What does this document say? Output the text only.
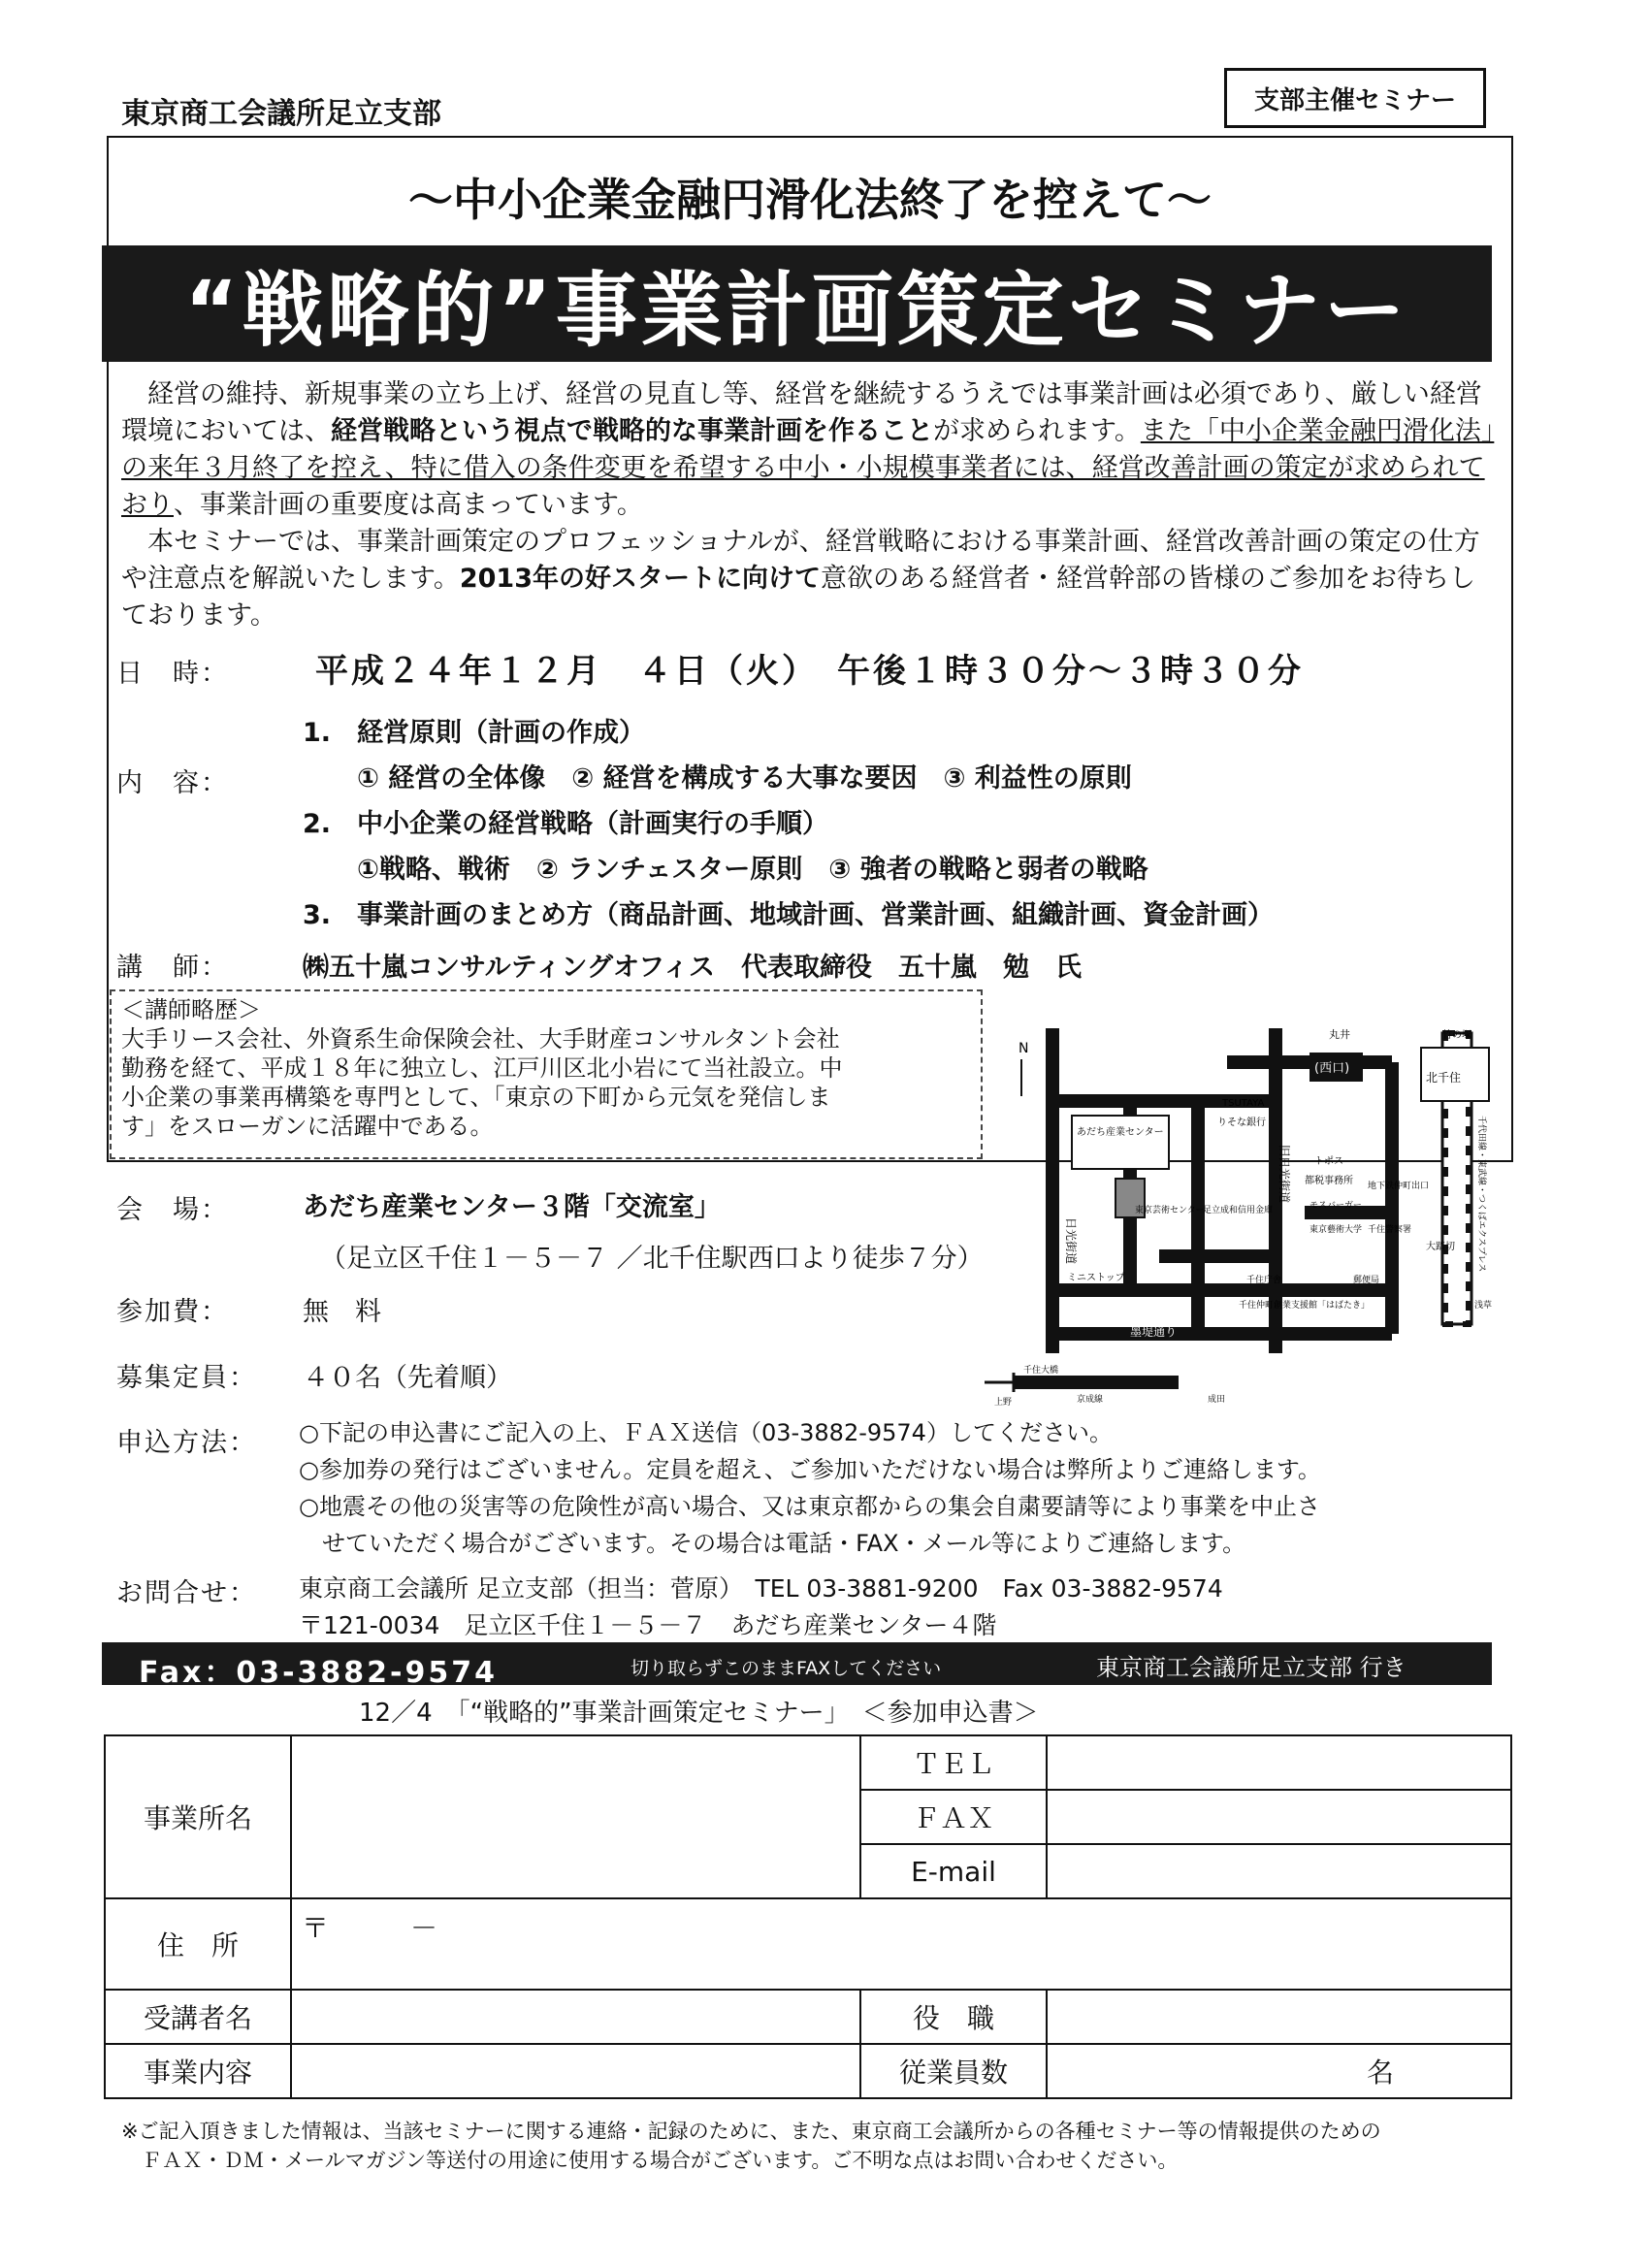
東京商工会議所足立支部	支部主催セミナー
～中小企業金融円滑化法終了を控えて～
“戦略的”事業計画策定セミナー

経営の維持、新規事業の立ち上げ、経営の見直し等、経営を継続するうえでは事業計画は必須であり、厳しい経営環境においては、経営戦略という視点で戦略的な事業計画を作ることが求められます。また「中小企業金融円滑化法」の来年３月終了を控え、特に借入の条件変更を希望する中小・小規模事業者には、経営改善計画の策定が求められており、事業計画の重要度は高まっています。

本セミナーでは、事業計画策定のプロフェッショナルが、経営戦略における事業計画、経営改善計画の策定の仕方や注意点を解説いたします。2013年の好スタートに向けて意欲のある経営者・経営幹部の皆様のご参加をお待ちしております。

日　時：	平成２４年１２月　４日（火）　午後１時３０分～３時３０分
内　容：
1.　経営原則（計画の作成）
① 経営の全体像　② 経営を構成する大事な要因　③ 利益性の原則
2.　中小企業の経営戦略（計画実行の手順）
①戦略、戦術　② ランチェスター原則　③ 強者の戦略と弱者の戦略
3.　事業計画のまとめ方（商品計画、地域計画、営業計画、組織計画、資金計画）
講　師：	㈱五十嵐コンサルティングオフィス　代表取締役　五十嵐　勉　氏
＜講師略歴＞
大手リース会社、外資系生命保険会社、大手財産コンサルタント会社
勤務を経て、平成１８年に独立し、江戸川区北小岩にて当社設立。中
小企業の事業再構築を専門として、「東京の下町から元気を発信しま
す」をスローガンに活躍中である。
N
丸井	竹の塚
(西口)
北千住
あだち産業センター
りそな銀行
TSUTAYA
日光街道
旧日光街道 トポス
都税事務所 地下鉄仲町出口
東京芸術センター
足立成和信用金庫	モスバーガー
東京藝術大学 千住警察署
ミニストップ	千住庁舎	郵便局
千住仲町創業支援館「はばたき」
墨堤通り
大踏切
浅草
京成線	成田
上野
千住大橋
千代田線・東武線・つくばエクスプレス
会　場：	あだち産業センター３階「交流室」
（足立区千住１－５－７ ／北千住駅西口より徒歩７分）
参加費：	無　料
募集定員： ４０名（先着順）
申込方法： ○下記の申込書にご記入の上、ＦＡＸ送信（03-3882-9574）してください。
○参加券の発行はございません。定員を超え、ご参加いただけない場合は弊所よりご連絡します。
○地震その他の災害等の危険性が高い場合、又は東京都からの集会自粛要請等により事業を中止さ
　せていただく場合がございます。その場合は電話・FAX・メール等によりご連絡します。
お問合せ： 東京商工会議所 足立支部（担当：菅原）　TEL 03-3881-9200　Fax 03-3882-9574
〒121-0034　足立区千住１－５－７　あだち産業センター４階
Fax：03-3882-9574	切り取らずこのままFAXしてください	東京商工会議所足立支部 行き
12／4　「“戦略的”事業計画策定セミナー」　＜参加申込書＞
事業所名		ＴＥＬ	
		ＦＡＸ	
		E-mail	
住　所	〒　　　－		
受講者名		役　職	
事業内容		従業員数	名
※ご記入頂きました情報は、当該セミナーに関する連絡・記録のために、また、東京商工会議所からの各種セミナー等の情報提供のための
　ＦＡＸ・ＤＭ・メールマガジン等送付の用途に使用する場合がございます。ご不明な点はお問い合わせください。
